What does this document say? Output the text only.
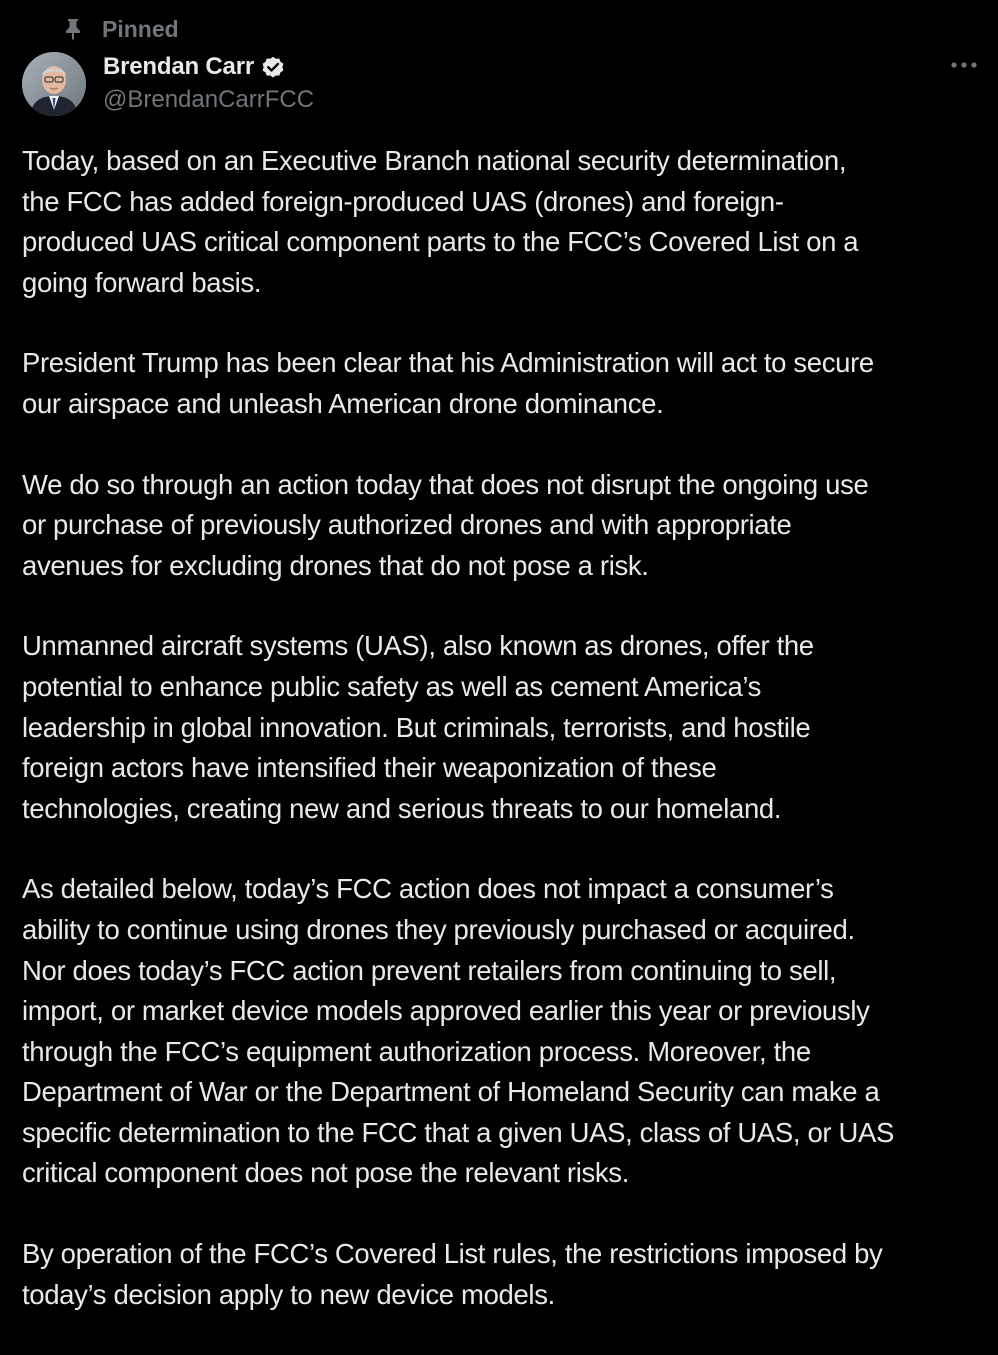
Pinned
Brendan Carr
@BrendanCarrFCC

Today, based on an Executive Branch national security determination,
the FCC has added foreign-produced UAS (drones) and foreign-
produced UAS critical component parts to the FCC’s Covered List on a
going forward basis.

President Trump has been clear that his Administration will act to secure
our airspace and unleash American drone dominance.

We do so through an action today that does not disrupt the ongoing use
or purchase of previously authorized drones and with appropriate
avenues for excluding drones that do not pose a risk.

Unmanned aircraft systems (UAS), also known as drones, offer the
potential to enhance public safety as well as cement America’s
leadership in global innovation. But criminals, terrorists, and hostile
foreign actors have intensified their weaponization of these
technologies, creating new and serious threats to our homeland.

As detailed below, today’s FCC action does not impact a consumer’s
ability to continue using drones they previously purchased or acquired.
Nor does today’s FCC action prevent retailers from continuing to sell,
import, or market device models approved earlier this year or previously
through the FCC’s equipment authorization process. Moreover, the
Department of War or the Department of Homeland Security can make a
specific determination to the FCC that a given UAS, class of UAS, or UAS
critical component does not pose the relevant risks.

By operation of the FCC’s Covered List rules, the restrictions imposed by
today’s decision apply to new device models.
